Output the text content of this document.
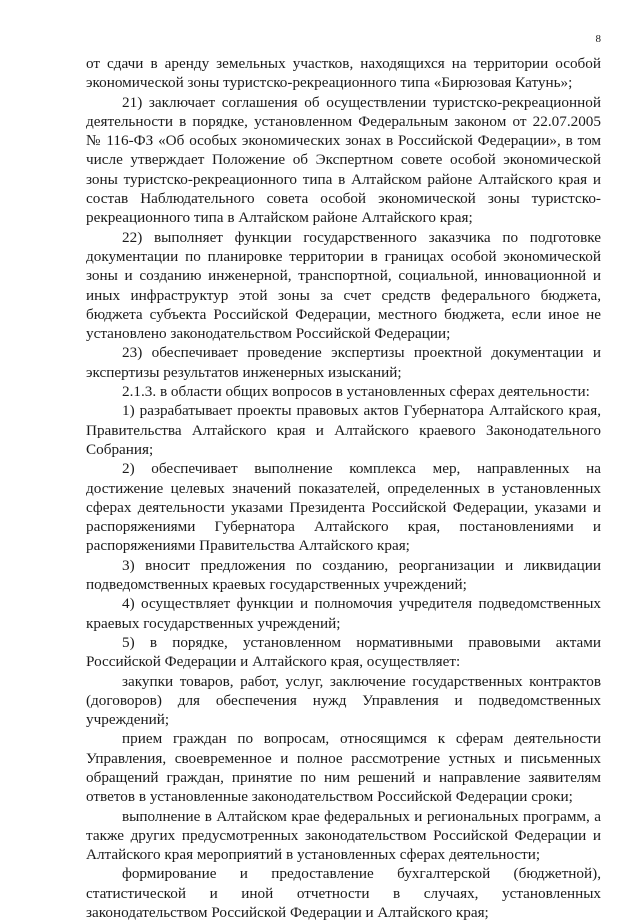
8

от сдачи в аренду земельных участков, находящихся на территории особой экономической зоны туристско-рекреационного типа «Бирюзовая Катунь»;

21) заключает соглашения об осуществлении туристско-рекреационной деятельности в порядке, установленном Федеральным законом от 22.07.2005 № 116-ФЗ «Об особых экономических зонах в Российской Федерации», в том числе утверждает Положение об Экспертном совете особой экономической зоны туристско-рекреационного типа в Алтайском районе Алтайского края и состав Наблюдательного совета особой экономической зоны туристско-рекреационного типа в Алтайском районе Алтайского края;

22) выполняет функции государственного заказчика по подготовке документации по планировке территории в границах особой экономической зоны и созданию инженерной, транспортной, социальной, инновационной и иных инфраструктур этой зоны за счет средств федерального бюджета, бюджета субъекта Российской Федерации, местного бюджета, если иное не установлено законодательством Российской Федерации;

23) обеспечивает проведение экспертизы проектной документации и экспертизы результатов инженерных изысканий;

2.1.3. в области общих вопросов в установленных сферах деятельности:

1) разрабатывает проекты правовых актов Губернатора Алтайского края, Правительства Алтайского края и Алтайского краевого Законодательного Собрания;

2) обеспечивает выполнение комплекса мер, направленных на достижение целевых значений показателей, определенных в установленных сферах деятельности указами Президента Российской Федерации, указами и распоряжениями Губернатора Алтайского края, постановлениями и распоряжениями Правительства Алтайского края;

3) вносит предложения по созданию, реорганизации и ликвидации подведомственных краевых государственных учреждений;

4) осуществляет функции и полномочия учредителя подведомственных краевых государственных учреждений;

5) в порядке, установленном нормативными правовыми актами Российской Федерации и Алтайского края, осуществляет:

закупки товаров, работ, услуг, заключение государственных контрактов (договоров) для обеспечения нужд Управления и подведомственных учреждений;

прием граждан по вопросам, относящимся к сферам деятельности Управления, своевременное и полное рассмотрение устных и письменных обращений граждан, принятие по ним решений и направление заявителям ответов в установленные законодательством Российской Федерации сроки;

выполнение в Алтайском крае федеральных и региональных программ, а также других предусмотренных законодательством Российской Федерации и Алтайского края мероприятий в установленных сферах деятельности;

формирование и предоставление бухгалтерской (бюджетной), статистической и иной отчетности в случаях, установленных законодательством Российской Федерации и Алтайского края;
